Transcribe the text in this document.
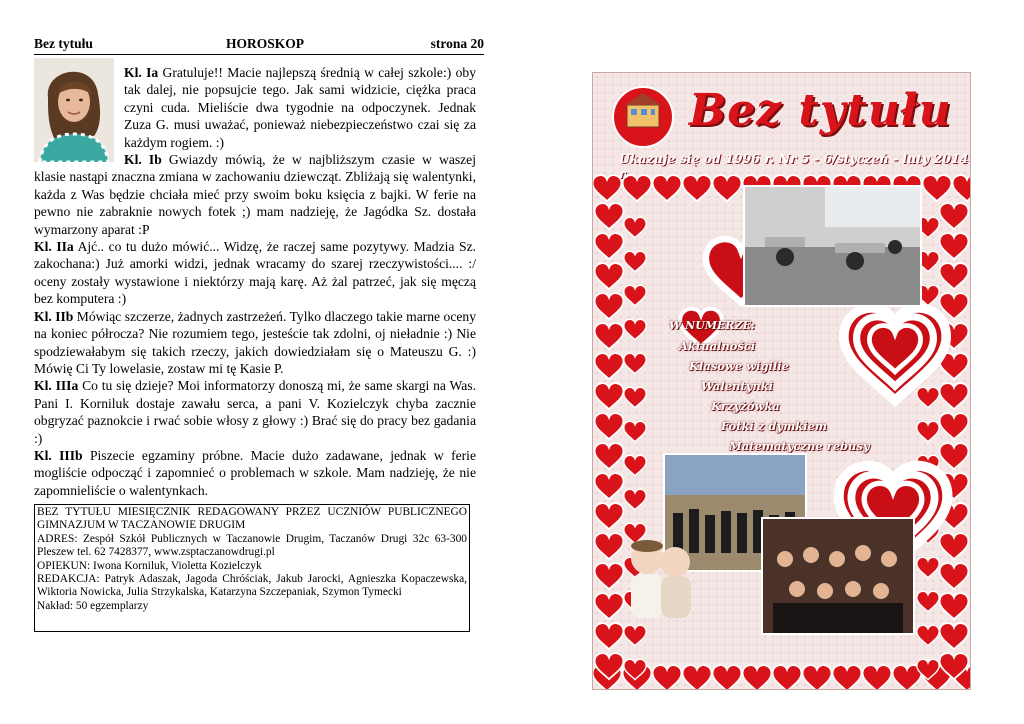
Bez tytułu	HOROSKOP	strona 20

Kl. Ia Gratuluje!! Macie najlepszą średnią w całej szkole:) oby tak dalej, nie popsujcie tego. Jak sami widzicie, ciężka praca czyni cuda. Mieliście dwa tygodnie na odpoczynek. Jednak Zuza G. musi uważać, ponieważ niebezpieczeństwo czai się za każdym rogiem. :)

Kl. Ib Gwiazdy mówią, że w najbliższym czasie w waszej klasie nastąpi znaczna zmiana w zachowaniu dziewcząt. Zbliżają się walentynki, każda z Was będzie chciała mieć przy swoim boku księcia z bajki. W ferie na pewno nie zabraknie nowych fotek ;) mam nadzieję, że Jagódka Sz. dostała wymarzony aparat :P

Kl. IIa Ajć.. co tu dużo mówić... Widzę, że raczej same pozytywy. Madzia Sz. zakochana:) Już amorki widzi, jednak wracamy do szarej rzeczywistości.... :/ oceny zostały wystawione i niektórzy mają karę. Aż żal patrzeć, jak się męczą bez komputera :)

Kl. IIb Mówiąc szczerze, żadnych zastrzeżeń. Tylko dlaczego takie marne oceny na koniec półrocza? Nie rozumiem tego, jesteście tak zdolni, oj nieładnie :) Nie spodziewałabym się takich rzeczy, jakich dowiedziałam się o Mateuszu G. :) Mówię Ci Ty lowelasie, zostaw mi tę Kasie P.

Kl. IIIa Co tu się dzieje? Moi informatorzy donoszą mi, że same skargi na Was. Pani I. Korniluk dostaje zawału serca, a pani V. Kozielczyk chyba zacznie obgryzać paznokcie i rwać sobie włosy z głowy :) Brać się do pracy bez gadania :)

Kl. IIIb Piszecie egzaminy próbne. Macie dużo zadawane, jednak w ferie mogliście odpocząć i zapomnieć o problemach w szkole. Mam nadzieję, że nie zapomnieliście o walentynkach.

BEZ TYTUŁU MIESIĘCZNIK REDAGOWANY PRZEZ UCZNIÓW PUBLICZNEGO GIMNAZJUM W TACZANOWIE DRUGIM
ADRES: Zespół Szkół Publicznych w Taczanowie Drugim, Taczanów Drugi 32c 63-300 Pleszew tel. 62 7428377, www.zsptaczanowdrugi.pl
OPIEKUN: Iwona Korniluk, Violetta Kozielczyk
REDAKCJA: Patryk Adaszak, Jagoda Chróściak, Jakub Jarocki, Agnieszka Kopaczewska, Wiktoria Nowicka, Julia Strzykalska, Katarzyna Szczepaniak, Szymon Tymecki
Nakład: 50 egzemplarzy
Bez tytułu
Ukazuje się od 1996 r. Nr 5 - 6/styczeń - luty 2014 r.
W NUMERZE:
Aktualności
Klasowe wigilie
Walentynki
Krzyżówka
Fotki z dymkiem
Matematyczne rebusy
